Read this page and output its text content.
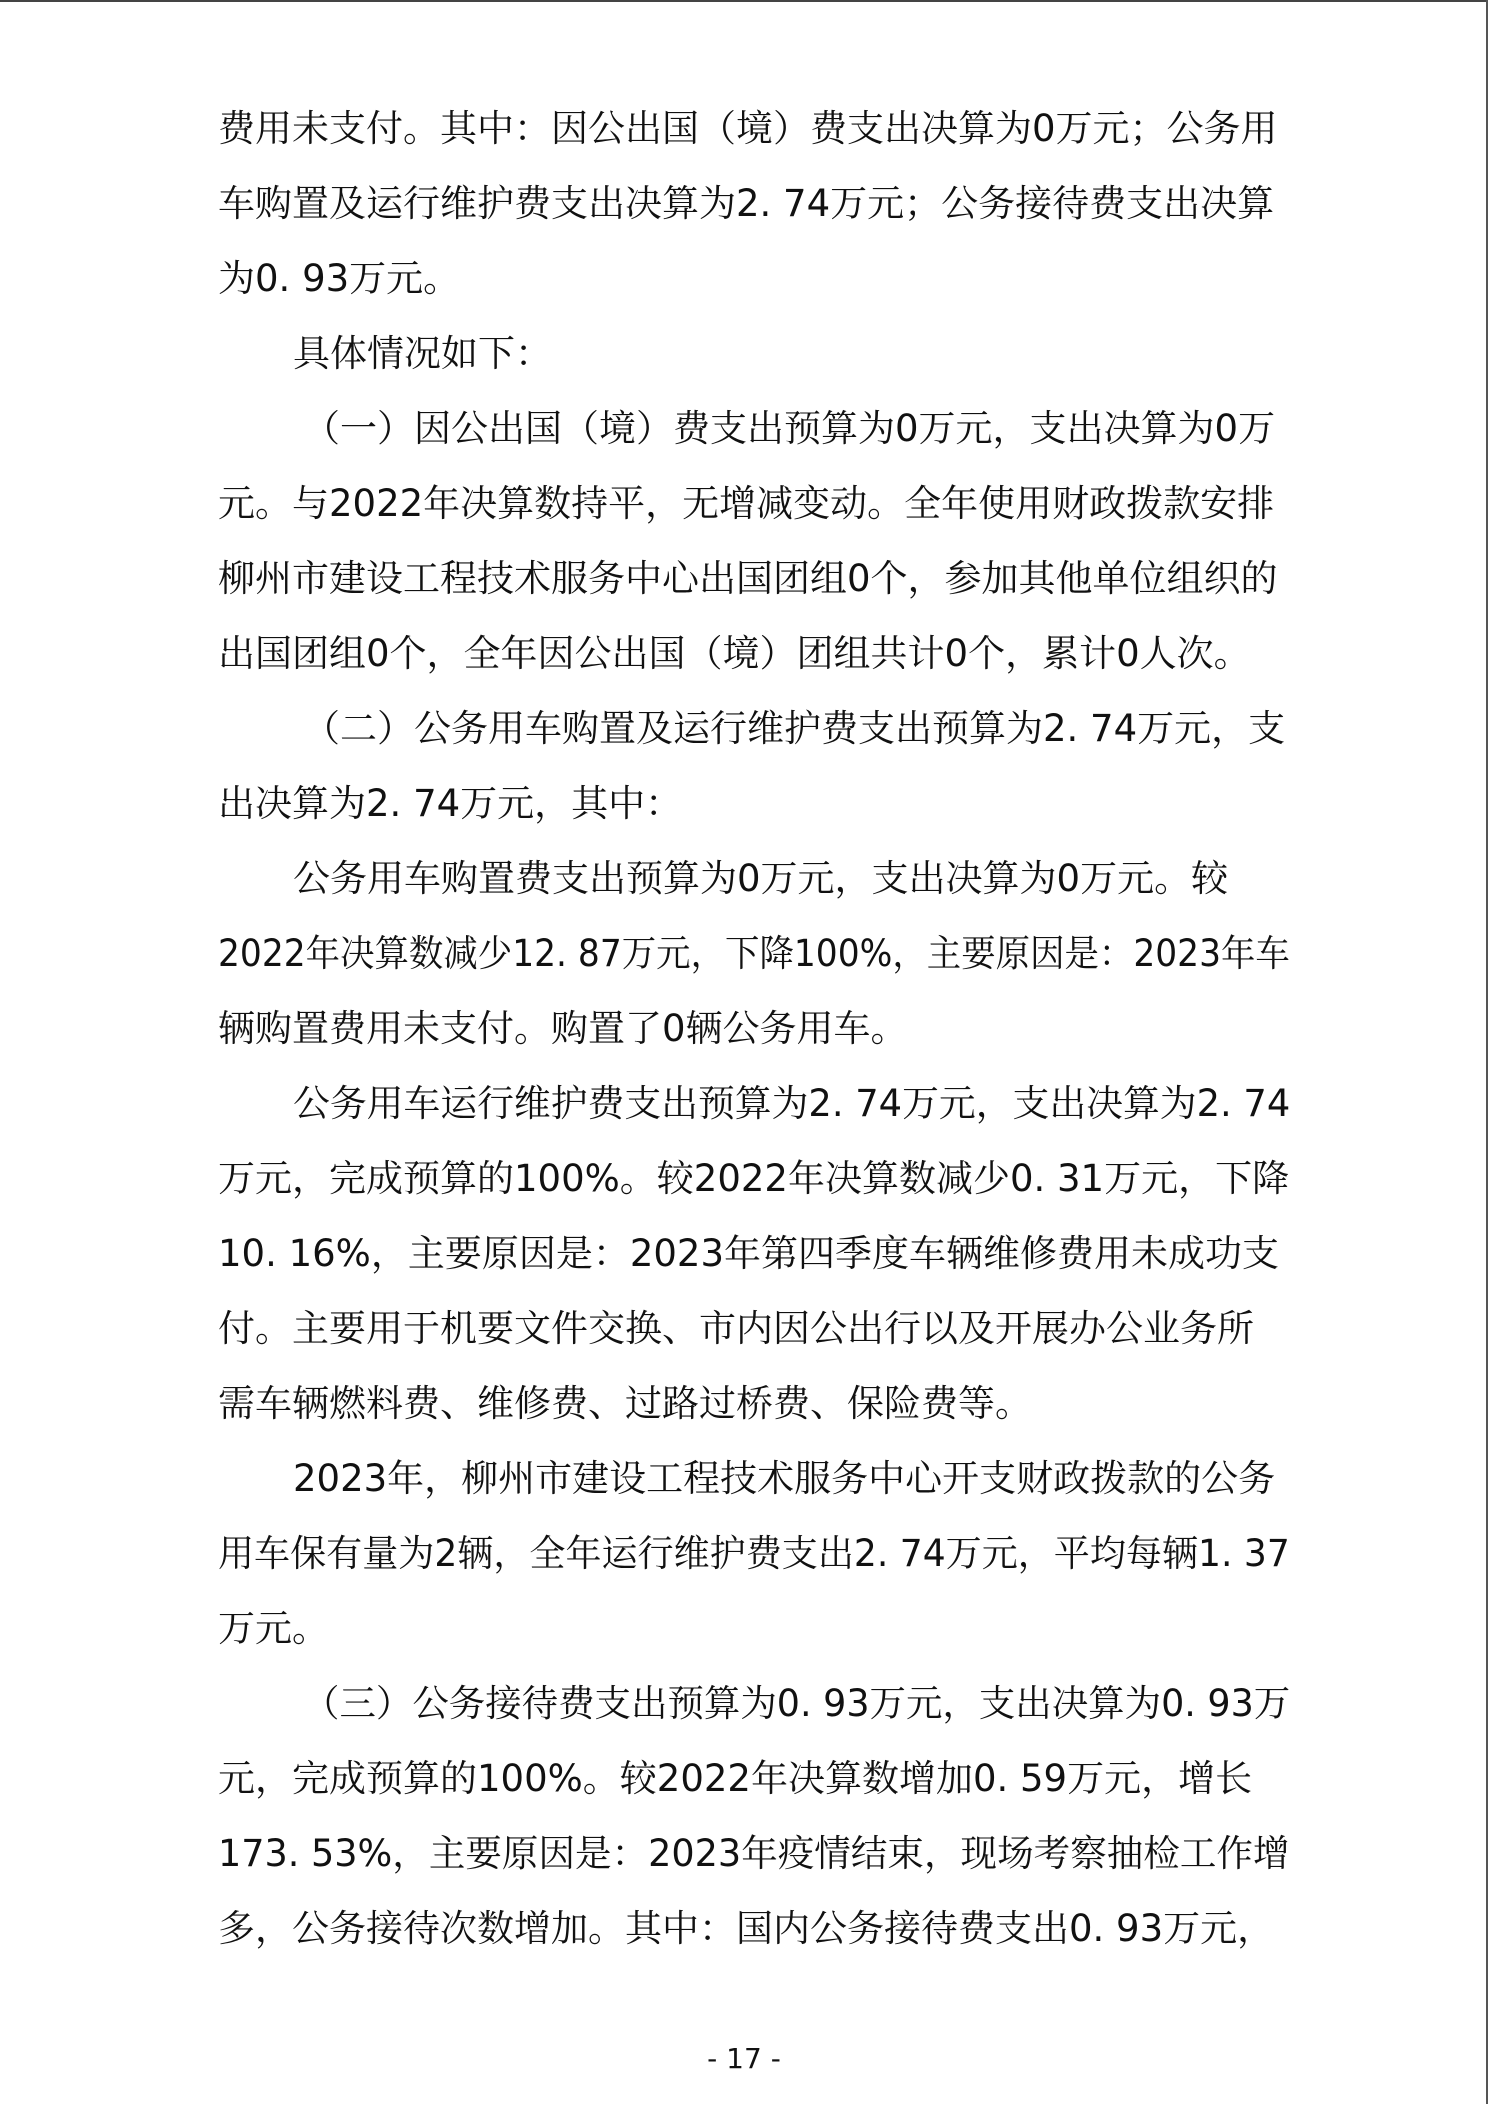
费用未支付。其中：因公出国（境）费支出决算为0万元；公务用
车购置及运行维护费支出决算为2. 74万元；公务接待费支出决算
为0. 93万元。
具体情况如下：
（一）因公出国（境）费支出预算为0万元，支出决算为0万
元。与2022年决算数持平，无增减变动。全年使用财政拨款安排
柳州市建设工程技术服务中心出国团组0个，参加其他单位组织的
出国团组0个，全年因公出国（境）团组共计0个，累计0人次。
（二）公务用车购置及运行维护费支出预算为2. 74万元，支
出决算为2. 74万元，其中：
公务用车购置费支出预算为0万元，支出决算为0万元。较
2022年决算数减少12. 87万元，下降100%，主要原因是：2023年车
辆购置费用未支付。购置了0辆公务用车。
公务用车运行维护费支出预算为2. 74万元，支出决算为2. 74
万元，完成预算的100%。较2022年决算数减少0. 31万元，下降
10. 16%，主要原因是：2023年第四季度车辆维修费用未成功支
付。主要用于机要文件交换、市内因公出行以及开展办公业务所
需车辆燃料费、维修费、过路过桥费、保险费等。
2023年，柳州市建设工程技术服务中心开支财政拨款的公务
用车保有量为2辆，全年运行维护费支出2. 74万元，平均每辆1. 37
万元。
（三）公务接待费支出预算为0. 93万元，支出决算为0. 93万
元，完成预算的100%。较2022年决算数增加0. 59万元，增长
173. 53%，主要原因是：2023年疫情结束，现场考察抽检工作增
多，公务接待次数增加。其中：国内公务接待费支出0. 93万元，
- 17 -
